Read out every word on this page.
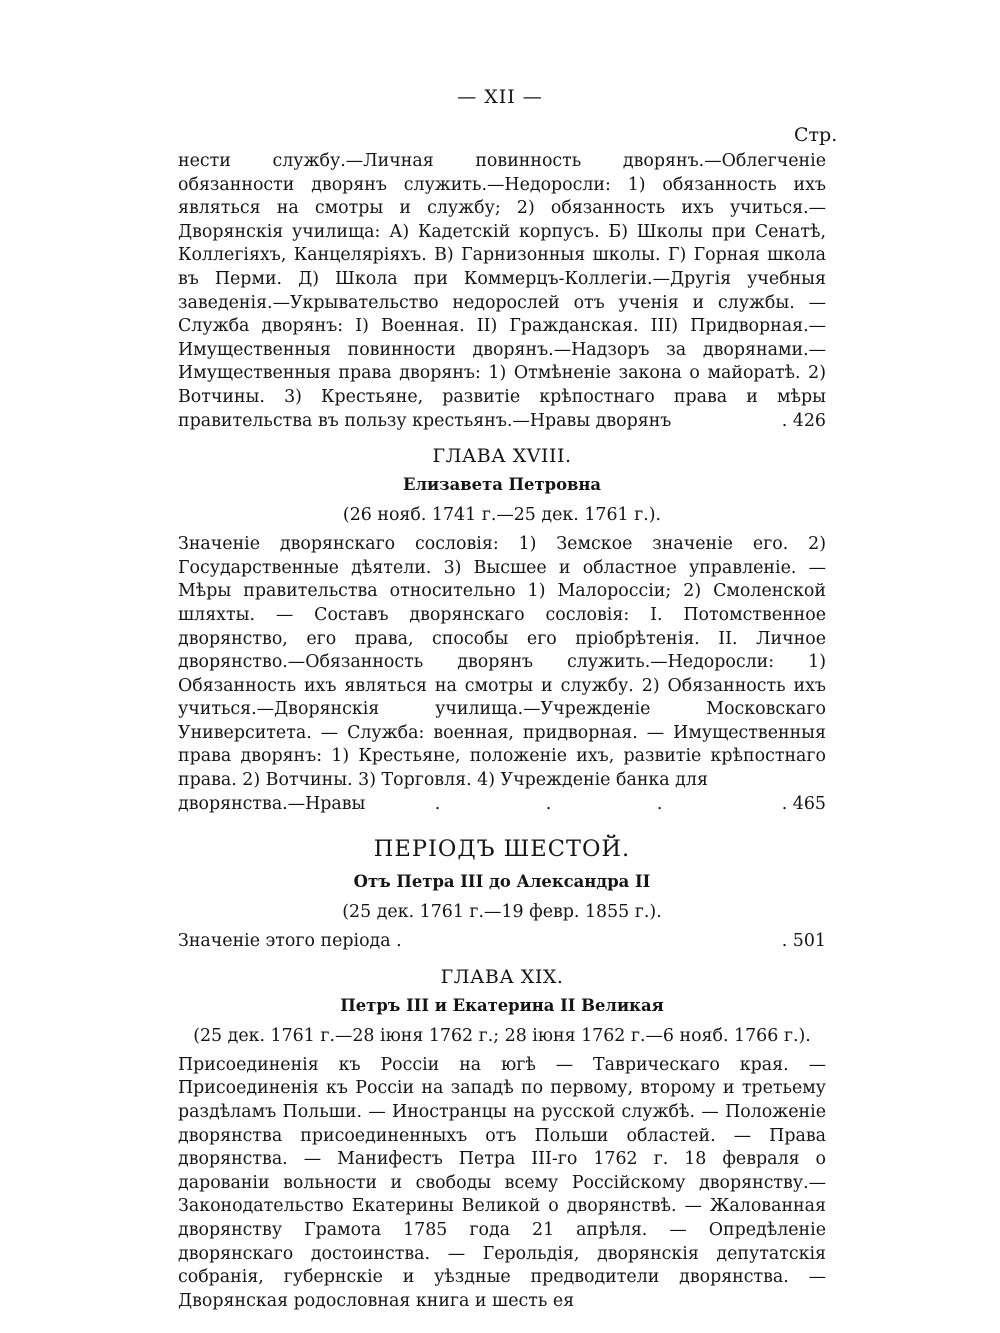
— XII —
Стр.

нести службу.—Личная повинность дворянъ.—Облегченіе обязанности дворянъ служить.—Недоросли: 1) обязанность ихъ являться на смотры и службу; 2) обязанность ихъ учиться.—Дворянскія училища: А) Кадетскій корпусъ. Б) Школы при Сенатѣ, Коллегіяхъ, Канцеляріяхъ. В) Гарнизонныя школы. Г) Горная школа въ Перми. Д) Школа при Коммерцъ-Коллегіи.—Другія учебныя заведенія.—Укрывательство недорослей отъ ученія и службы. — Служба дворянъ: I) Военная. II) Гражданская. III) Придворная.—Имущественныя повинности дворянъ.—Надзоръ за дворянами.—Имущественныя права дворянъ: 1) Отмѣненіе закона о майоратѣ. 2) Вотчины. 3) Крестьяне, развитіе крѣпостнаго права и мѣры правительства въ пользу крестьянъ.—Нравы дворянъ	. 426

ГЛАВА XVIII.
Елизавета Петровна
(26 нояб. 1741 г.—25 дек. 1761 г.).

Значеніе дворянскаго сословія: 1) Земское значеніе его. 2) Государственные дѣятели. 3) Высшее и областное управленіе. — Мѣры правительства относительно 1) Малороссіи; 2) Смоленской шляхты. — Составъ дворянскаго сословія: I. Потомственное дворянство, его права, способы его пріобрѣтенія. II. Личное дворянство.—Обязанность дворянъ служить.—Недоросли: 1) Обязанность ихъ являться на смотры и службу. 2) Обязанность ихъ учиться.—Дворянскія училища.—Учрежденіе Московскаго Университета. — Служба: военная, придворная. — Имущественныя права дворянъ: 1) Крестьяне, положеніе ихъ, развитіе крѣпостнаго права. 2) Вотчины. 3) Торговля. 4) Учрежденіе банка для

дворянства.—Нравы	. . .	. 465
ПЕРІОДЪ ШЕСТОЙ.
Отъ Петра III до Александра II
(25 дек. 1761 г.—19 февр. 1855 г.).
Значеніе этого періода .	. 501
ГЛАВА XIX.
Петръ III и Екатерина II Великая
(25 дек. 1761 г.—28 іюня 1762 г.; 28 іюня 1762 г.—6 нояб. 1766 г.).

Присоединенія къ Россіи на югѣ — Таврическаго края. — Присоединенія къ Россіи на западѣ по первому, второму и третьему раздѣламъ Польши. — Иностранцы на русской службѣ. — Положеніе дворянства присоединенныхъ отъ Польши областей. — Права дворянства. — Манифестъ Петра III-го 1762 г. 18 февраля о дарованіи вольности и свободы всему Россійскому дворянству.—Законодательство Екатерины Великой о дворянствѣ. — Жалованная дворянству Грамота 1785 года 21 апрѣля. — Опредѣленіе дворянскаго достоинства. — Герольдія, дворянскія депутатскія собранія, губернскіе и уѣздные предводители дворянства. — Дворянская родословная книга и шесть ея
